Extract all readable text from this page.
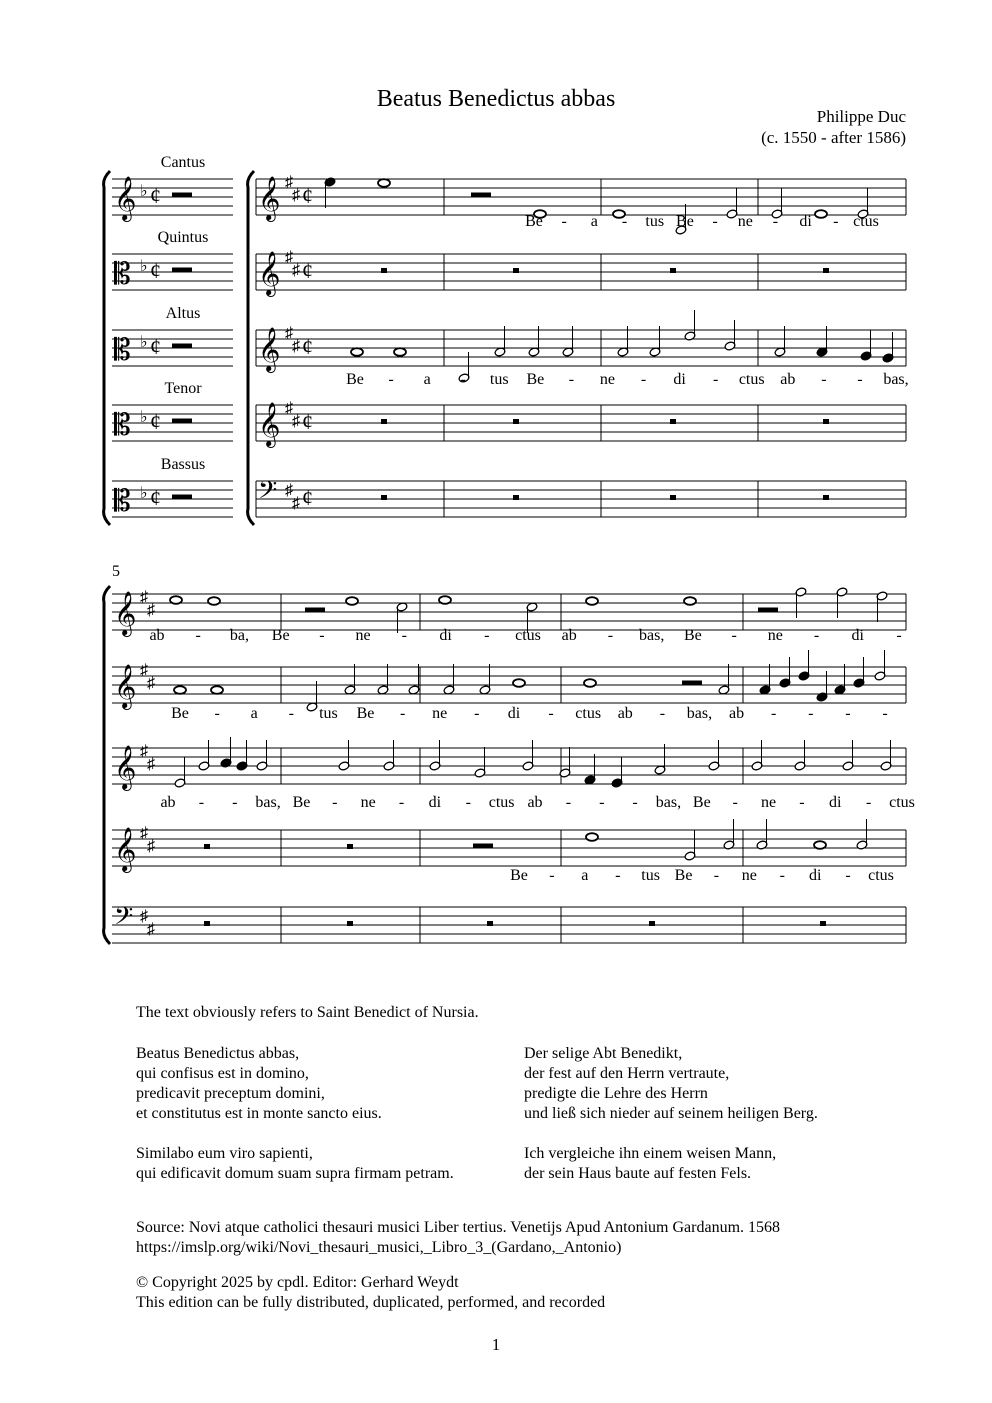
Beatus Benedictus abbas
Philippe Duc
(c. 1550 - after 1586)
Cantus
𝄞 ♭ ¢
Quintus
𝄡 ♭ ¢
Altus
𝄡 ♭ ¢
Tenor
𝄡 ♭ ¢
Bassus
𝄡 ♭ ¢
𝄞 ♯
♯ ¢
𝄞 ♯
♯ ¢
𝄞 ♯
♯ ¢
𝄞 ♯
♯ ¢
𝄢 ♯
♯ ¢
Be - a - tus Be - ne - di - ctus
Be - a - tus Be - ne - di - ctus ab - - bas,
5
𝄞 ♯
♯
𝄞 ♯
♯
𝄞 ♯
♯
𝄞 ♯
♯
𝄢 ♯
♯
ab - ba, Be - ne - di - ctus ab - bas, Be - ne - di -
Be - a - tus Be - ne - di - ctus ab - bas, ab - - - -
ab - - bas, Be - ne - di - ctus ab - - - bas, Be - ne - di - ctus
Be - a - tus Be - ne - di - ctus
The text obviously refers to Saint Benedict of Nursia.

Beatus Benedictus abbas,
qui confisus est in domino,
predicavit preceptum domini,
et constitutus est in monte sancto eius.

Similabo eum viro sapienti,
qui edificavit domum suam supra firmam petram.

Der selige Abt Benedikt,
der fest auf den Herrn vertraute,
predigte die Lehre des Herrn
und ließ sich nieder auf seinem heiligen Berg.

Ich vergleiche ihn einem weisen Mann,
der sein Haus baute auf festen Fels.

Source: Novi atque catholici thesauri musici Liber tertius. Venetijs Apud Antonium Gardanum. 1568
https://imslp.org/wiki/Novi_thesauri_musici,_Libro_3_(Gardano,_Antonio)
© Copyright 2025 by cpdl. Editor: Gerhard Weydt
This edition can be fully distributed, duplicated, performed, and recorded
1
